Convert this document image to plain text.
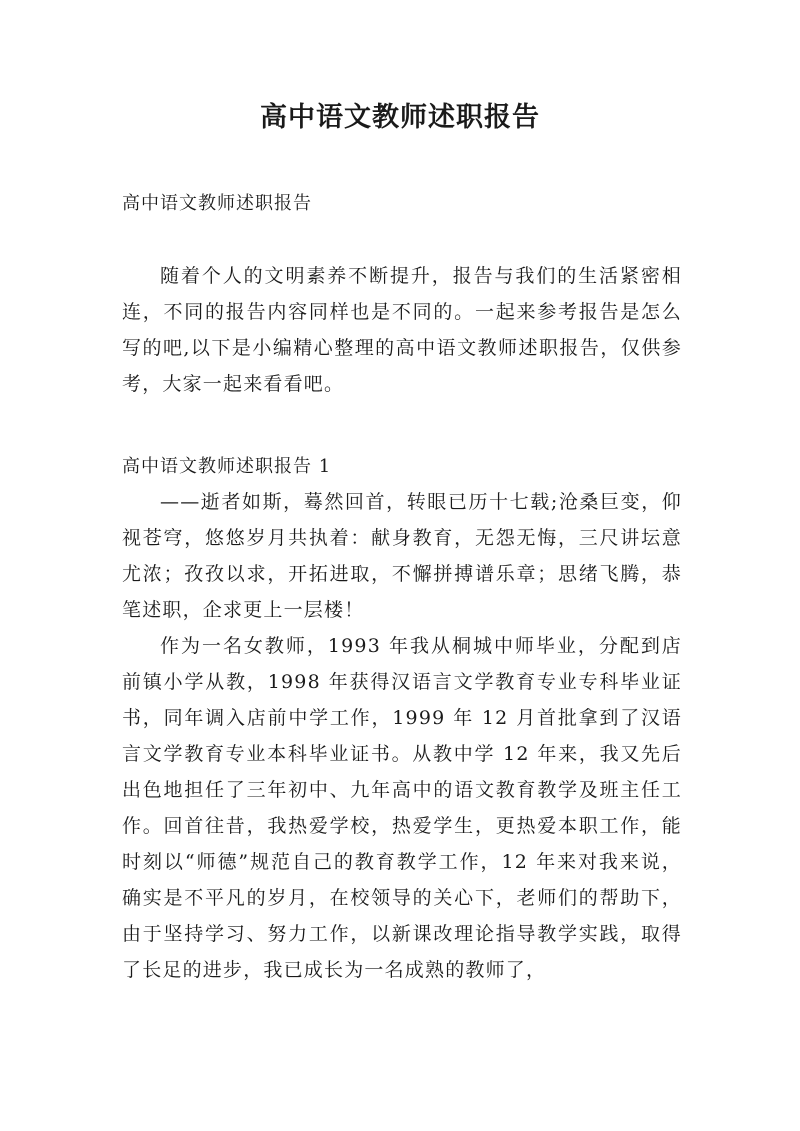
高中语文教师述职报告

高中语文教师述职报告

随着个人的文明素养不断提升，报告与我们的生活紧密相连，不同的报告内容同样也是不同的。一起来参考报告是怎么写的吧,以下是小编精心整理的高中语文教师述职报告，仅供参考，大家一起来看看吧。

高中语文教师述职报告 1

——逝者如斯，蓦然回首，转眼已历十七载;沧桑巨变，仰视苍穹，悠悠岁月共执着：献身教育，无怨无悔，三尺讲坛意尤浓；孜孜以求，开拓进取，不懈拼搏谱乐章；思绪飞腾，恭笔述职，企求更上一层楼！

作为一名女教师，1993 年我从桐城中师毕业，分配到店前镇小学从教，1998 年获得汉语言文学教育专业专科毕业证书，同年调入店前中学工作，1999 年 12 月首批拿到了汉语言文学教育专业本科毕业证书。从教中学 12 年来，我又先后出色地担任了三年初中、九年高中的语文教育教学及班主任工作。回首往昔，我热爱学校，热爱学生，更热爱本职工作，能时刻以“师德”规范自己的教育教学工作，12 年来对我来说，确实是不平凡的岁月，在校领导的关心下，老师们的帮助下，由于坚持学习、努力工作，以新课改理论指导教学实践，取得了长足的进步，我已成长为一名成熟的教师了，
